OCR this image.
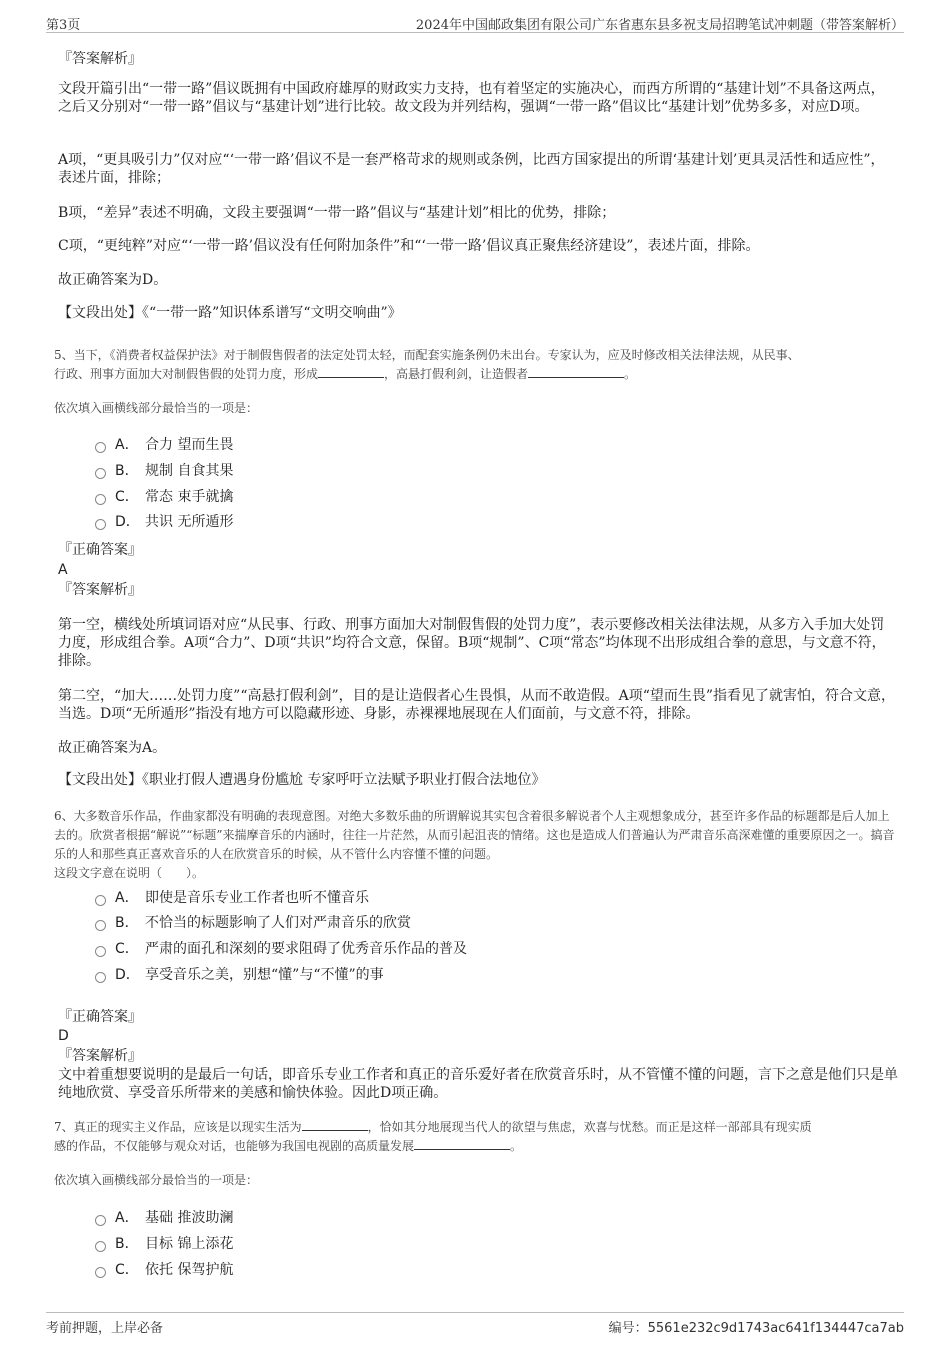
第3页	2024年中国邮政集团有限公司广东省惠东县多祝支局招聘笔试冲刺题（带答案解析）
『答案解析』

文段开篇引出“一带一路”倡议既拥有中国政府雄厚的财政实力支持，也有着坚定的实施决心，而西方所谓的“基建计划”不具备这两点，之后又分别对“一带一路”倡议与“基建计划”进行比较。故文段为并列结构，强调“一带一路”倡议比“基建计划”优势多多，对应D项。

A项，“更具吸引力”仅对应“‘一带一路’倡议不是一套严格苛求的规则或条例，比西方国家提出的所谓‘基建计划’更具灵活性和适应性”，表述片面，排除；

B项，“差异”表述不明确，文段主要强调“一带一路”倡议与“基建计划”相比的优势，排除；

C项，“更纯粹”对应“‘一带一路’倡议没有任何附加条件”和“‘一带一路’倡议真正聚焦经济建设”，表述片面，排除。

故正确答案为D。

【文段出处】《“一带一路”知识体系谱写“文明交响曲”》

5、当下，《消费者权益保护法》对于制假售假者的法定处罚太轻，而配套实施条例仍未出台。专家认为，应及时修改相关法律法规，从民事、
行政、刑事方面加大对制假售假的处罚力度，形成	，高悬打假利剑，让造假者	。
依次填入画横线部分最恰当的一项是：
A． 合力 望而生畏
B． 规制 自食其果
C． 常态 束手就擒
D． 共识 无所遁形
『正确答案』
A
『答案解析』

第一空，横线处所填词语对应“从民事、行政、刑事方面加大对制假售假的处罚力度”，表示要修改相关法律法规，从多方入手加大处罚力度，形成组合拳。A项“合力”、D项“共识”均符合文意，保留。B项“规制”、C项“常态”均体现不出形成组合拳的意思，与文意不符，排除。

第二空，“加大……处罚力度”“高悬打假利剑”，目的是让造假者心生畏惧，从而不敢造假。A项“望而生畏”指看见了就害怕，符合文意，当选。D项“无所遁形”指没有地方可以隐藏形迹、身影，赤裸裸地展现在人们面前，与文意不符，排除。

故正确答案为A。

【文段出处】《职业打假人遭遇身份尴尬 专家呼吁立法赋予职业打假合法地位》

6、大多数音乐作品，作曲家都没有明确的表现意图。对绝大多数乐曲的所谓解说其实包含着很多解说者个人主观想象成分，甚至许多作品的标题都是后人加上去的。欣赏者根据“解说”“标题”来揣摩音乐的内涵时，往往一片茫然，从而引起沮丧的情绪。这也是造成人们普遍认为严肃音乐高深难懂的重要原因之一。搞音乐的人和那些真正喜欢音乐的人在欣赏音乐的时候，从不管什么内容懂不懂的问题。

这段文字意在说明（　　）。
A． 即使是音乐专业工作者也听不懂音乐
B． 不恰当的标题影响了人们对严肃音乐的欣赏
C． 严肃的面孔和深刻的要求阻碍了优秀音乐作品的普及
D． 享受音乐之美，别想“懂”与“不懂”的事
『正确答案』
D
『答案解析』

文中着重想要说明的是最后一句话，即音乐专业工作者和真正的音乐爱好者在欣赏音乐时，从不管懂不懂的问题，言下之意是他们只是单纯地欣赏、享受音乐所带来的美感和愉快体验。因此D项正确。

7、真正的现实主义作品，应该是以现实生活为	，恰如其分地展现当代人的欲望与焦虑，欢喜与忧愁。而正是这样一部部具有现实质
感的作品，不仅能够与观众对话，也能够为我国电视剧的高质量发展	。
依次填入画横线部分最恰当的一项是：
A． 基础 推波助澜
B． 目标 锦上添花
C． 依托 保驾护航
考前押题，上岸必备	编号：5561e232c9d1743ac641f134447ca7ab
